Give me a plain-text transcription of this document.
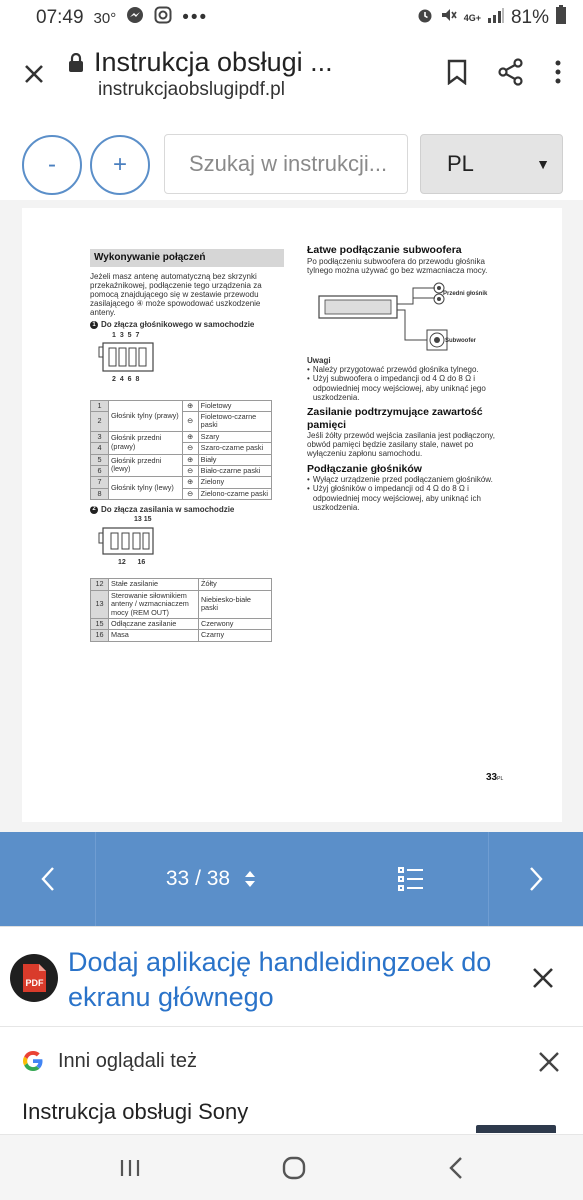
07:49 30°	•••	4G+ 81%
Instrukcja obsługi ...
instrukcjaobslugipdf.pl
-	+	Szukaj w instrukcji...	PL	▼
Wykonywanie połączeń
Jeżeli masz antenę automatyczną bez skrzynki przekaźnikowej, podłączenie tego urządzenia za pomocą znajdującego się w zestawie przewodu zasilającego ④ może spowodować uszkodzenie anteny.
1 Do złącza głośnikowego w samochodzie
1 3 5 7
2 4 6 8
1	Głośnik tylny (prawy)	⊕	Fioletowy
2		⊖	Fioletowo-czarne paski
3	Głośnik przedni (prawy)	⊕	Szary
4		⊖	Szaro-czarne paski
5	Głośnik przedni (lewy)	⊕	Biały
6		⊖	Biało-czarne paski
7	Głośnik tylny (lewy)	⊕	Zielony
8		⊖	Zielono-czarne paski
2 Do złącza zasilania w samochodzie
13 15
12      16
12	Stałe zasilanie	Żółty
13	Sterowanie siłownikiem anteny / wzmacniaczem mocy (REM OUT)	Niebiesko-białe paski
15	Odłączane zasilanie	Czerwony
16	Masa	Czarny
Łatwe podłączanie subwoofera
Po podłączeniu subwoofera do przewodu głośnika tylnego można używać go bez wzmacniacza mocy.
Przedni głośnik
Subwoofer
Uwagi
• Należy przygotować przewód głośnika tylnego.
• Użyj subwoofera o impedancji od 4 Ω do 8 Ω i odpowiedniej mocy wejściowej, aby uniknąć jego uszkodzenia.
Zasilanie podtrzymujące zawartość pamięci
Jeśli żółty przewód wejścia zasilania jest podłączony, obwód pamięci będzie zasilany stale, nawet po wyłączeniu zapłonu samochodu.
Podłączanie głośników
• Wyłącz urządzenie przed podłączaniem głośników.
• Użyj głośników o impedancji od 4 Ω do 8 Ω i odpowiedniej mocy wejściowej, aby uniknąć ich uszkodzenia.
33PL
33 / 38
PDF
Dodaj aplikację handleidingzoek do ekranu głównego
Inni oglądali też
Instrukcja obsługi Sony
